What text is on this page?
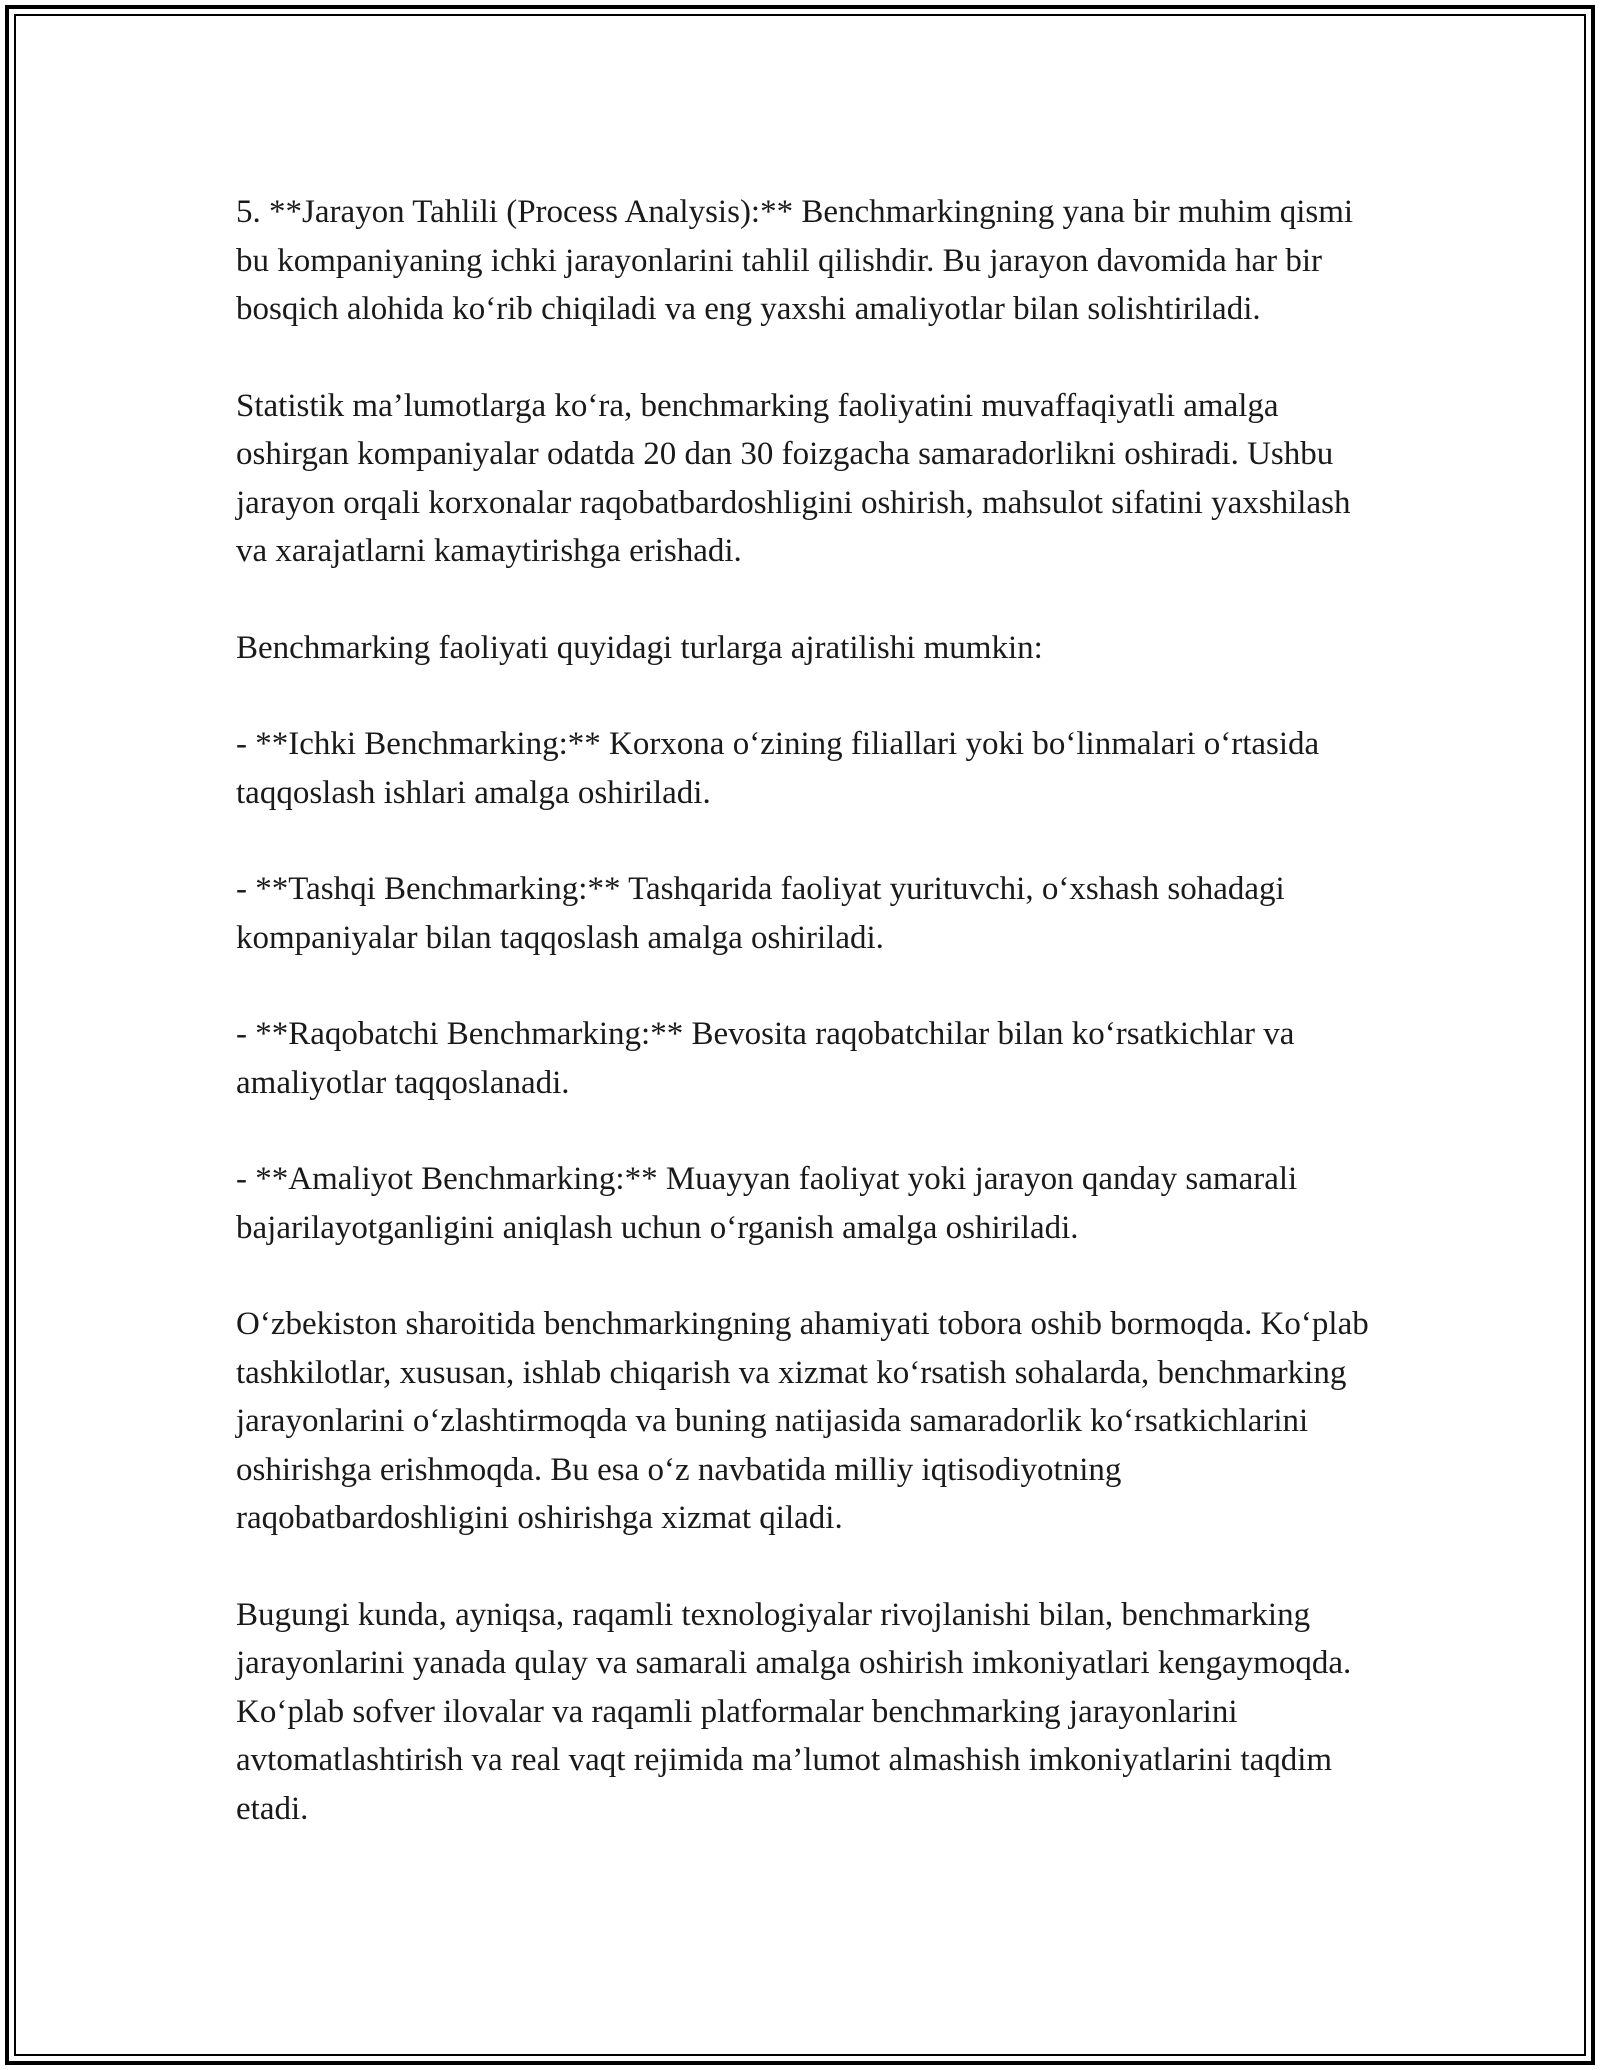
5. **Jarayon Tahlili (Process Analysis):** Benchmarkingning yana bir muhim qismi bu kompaniyaning ichki jarayonlarini tahlil qilishdir. Bu jarayon davomida har bir bosqich alohida ko‘rib chiqiladi va eng yaxshi amaliyotlar bilan solishtiriladi.

Statistik ma’lumotlarga ko‘ra, benchmarking faoliyatini muvaffaqiyatli amalga oshirgan kompaniyalar odatda 20 dan 30 foizgacha samaradorlikni oshiradi. Ushbu jarayon orqali korxonalar raqobatbardoshligini oshirish, mahsulot sifatini yaxshilash va xarajatlarni kamaytirishga erishadi.

Benchmarking faoliyati quyidagi turlarga ajratilishi mumkin:

- **Ichki Benchmarking:** Korxona o‘zining filiallari yoki bo‘linmalari o‘rtasida taqqoslash ishlari amalga oshiriladi.

- **Tashqi Benchmarking:** Tashqarida faoliyat yurituvchi, o‘xshash sohadagi kompaniyalar bilan taqqoslash amalga oshiriladi.

- **Raqobatchi Benchmarking:** Bevosita raqobatchilar bilan ko‘rsatkichlar va amaliyotlar taqqoslanadi.

- **Amaliyot Benchmarking:** Muayyan faoliyat yoki jarayon qanday samarali bajarilayotganligini aniqlash uchun o‘rganish amalga oshiriladi.

O‘zbekiston sharoitida benchmarkingning ahamiyati tobora oshib bormoqda. Ko‘plab tashkilotlar, xususan, ishlab chiqarish va xizmat ko‘rsatish sohalarda, benchmarking jarayonlarini o‘zlashtirmoqda va buning natijasida samaradorlik ko‘rsatkichlarini oshirishga erishmoqda. Bu esa o‘z navbatida milliy iqtisodiyotning raqobatbardoshligini oshirishga xizmat qiladi.

Bugungi kunda, ayniqsa, raqamli texnologiyalar rivojlanishi bilan, benchmarking jarayonlarini yanada qulay va samarali amalga oshirish imkoniyatlari kengaymoqda. Ko‘plab sofver ilovalar va raqamli platformalar benchmarking jarayonlarini avtomatlashtirish va real vaqt rejimida ma’lumot almashish imkoniyatlarini taqdim etadi.
